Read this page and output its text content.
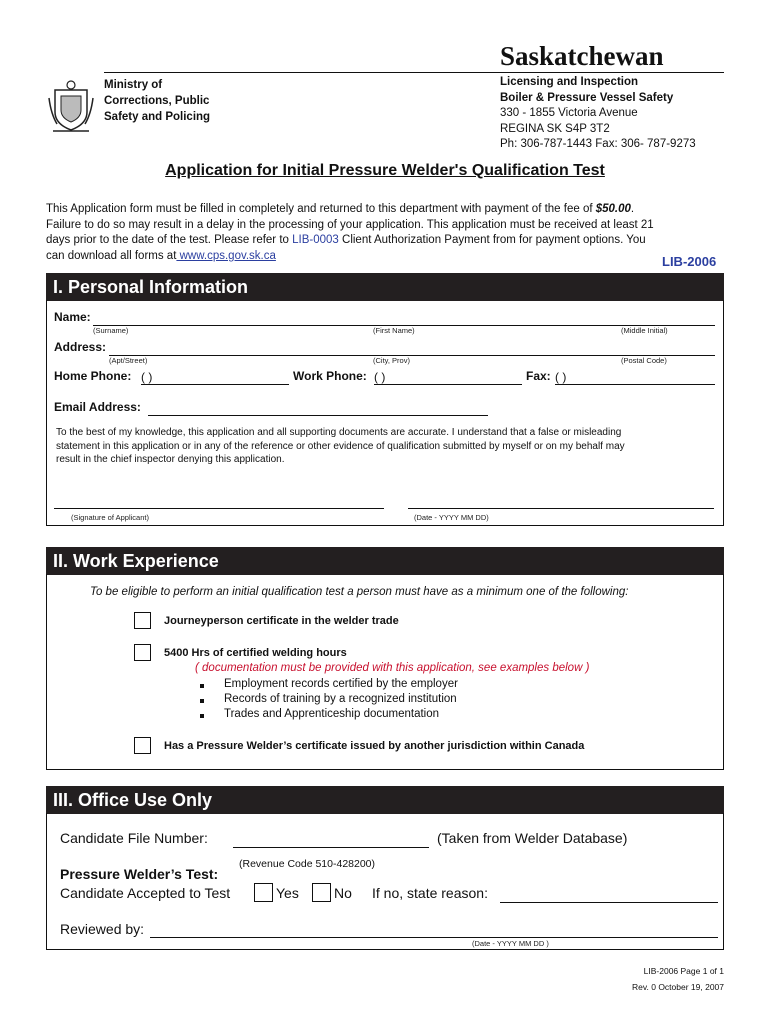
Ministry of
Corrections, Public
Safety and Policing
Saskatchewan
Licensing and Inspection
Boiler & Pressure Vessel Safety
330 - 1855 Victoria Avenue
REGINA SK S4P 3T2
Ph: 306-787-1443 Fax: 306- 787-9273
Application for Initial Pressure Welder's Qualification Test
This Application form must be filled in completely and returned to this department with payment of the fee of $50.00.
Failure to do so may result in a delay in the processing of your application. This application must be received at least 21
days prior to the date of the test. Please refer to LIB-0003 Client Authorization Payment from for payment options. You
can download all forms at www.cps.gov.sk.ca	LIB-2006
I. Personal Information
Name:
(Surname)	(First Name)	(Middle Initial)
Address:
(Apt/Street)	(City, Prov)	(Postal Code)
Home Phone: ( )	Work Phone: ( )	Fax: ( )
Email Address:
To the best of my knowledge, this application and all supporting documents are accurate. I understand that a false or misleading
statement in this application or in any of the reference or other evidence of qualification submitted by myself or on my behalf may
result in the chief inspector denying this application.
(Signature of Applicant)	(Date - YYYY MM DD)
II. Work Experience
To be eligible to perform an initial qualification test a person must have as a minimum one of the following:
Journeyperson certificate in the welder trade
5400 Hrs of certified welding hours
( documentation must be provided with this application, see examples below )
Employment records certified by the employer
Records of training by a recognized institution
Trades and Apprenticeship documentation
Has a Pressure Welder’s certificate issued by another jurisdiction within Canada
III. Office Use Only
Candidate File Number:	(Taken from Welder Database)
(Revenue Code 510-428200)
Pressure Welder’s Test:
Candidate Accepted to Test	Yes	No If no, state reason:
Reviewed by:
(Date - YYYY MM DD )
LIB-2006 Page 1 of 1
Rev. 0 October 19, 2007
